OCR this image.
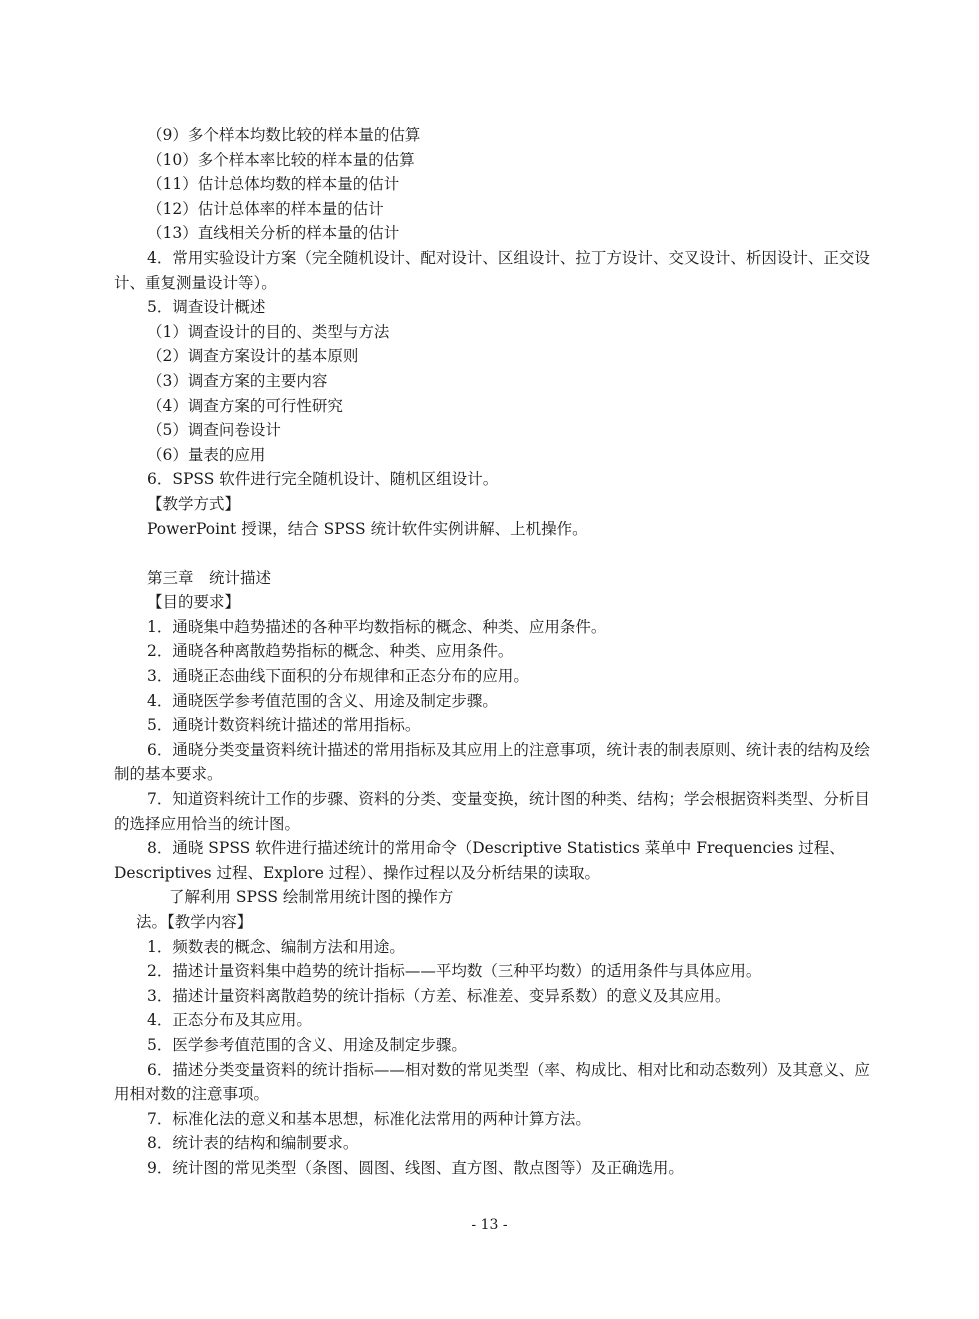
（9）多个样本均数比较的样本量的估算
（10）多个样本率比较的样本量的估算
（11）估计总体均数的样本量的估计
（12）估计总体率的样本量的估计
（13）直线相关分析的样本量的估计
4．常用实验设计方案（完全随机设计、配对设计、区组设计、拉丁方设计、交叉设计、析因设计、正交设计、重复测量设计等）。
5．调查设计概述
（1）调查设计的目的、类型与方法
（2）调查方案设计的基本原则
（3）调查方案的主要内容
（4）调查方案的可行性研究
（5）调查问卷设计
（6）量表的应用
6．SPSS 软件进行完全随机设计、随机区组设计。
【教学方式】
PowerPoint 授课，结合 SPSS 统计软件实例讲解、上机操作。
第三章　统计描述
【目的要求】
1．通晓集中趋势描述的各种平均数指标的概念、种类、应用条件。
2．通晓各种离散趋势指标的概念、种类、应用条件。
3．通晓正态曲线下面积的分布规律和正态分布的应用。
4．通晓医学参考值范围的含义、用途及制定步骤。
5．通晓计数资料统计描述的常用指标。
6．通晓分类变量资料统计描述的常用指标及其应用上的注意事项，统计表的制表原则、统计表的结构及绘制的基本要求。
7．知道资料统计工作的步骤、资料的分类、变量变换，统计图的种类、结构；学会根据资料类型、分析目的选择应用恰当的统计图。
8．通晓 SPSS 软件进行描述统计的常用命令（Descriptive Statistics 菜单中 Frequencies 过程、Descriptives 过程、Explore 过程）、操作过程以及分析结果的读取。
了解利用 SPSS 绘制常用统计图的操作方
法。【教学内容】
1．频数表的概念、编制方法和用途。
2．描述计量资料集中趋势的统计指标——平均数（三种平均数）的适用条件与具体应用。
3．描述计量资料离散趋势的统计指标（方差、标准差、变异系数）的意义及其应用。
4．正态分布及其应用。
5．医学参考值范围的含义、用途及制定步骤。
6．描述分类变量资料的统计指标——相对数的常见类型（率、构成比、相对比和动态数列）及其意义、应用相对数的注意事项。
7．标准化法的意义和基本思想，标准化法常用的两种计算方法。
8．统计表的结构和编制要求。
9．统计图的常见类型（条图、圆图、线图、直方图、散点图等）及正确选用。
- 13 -
